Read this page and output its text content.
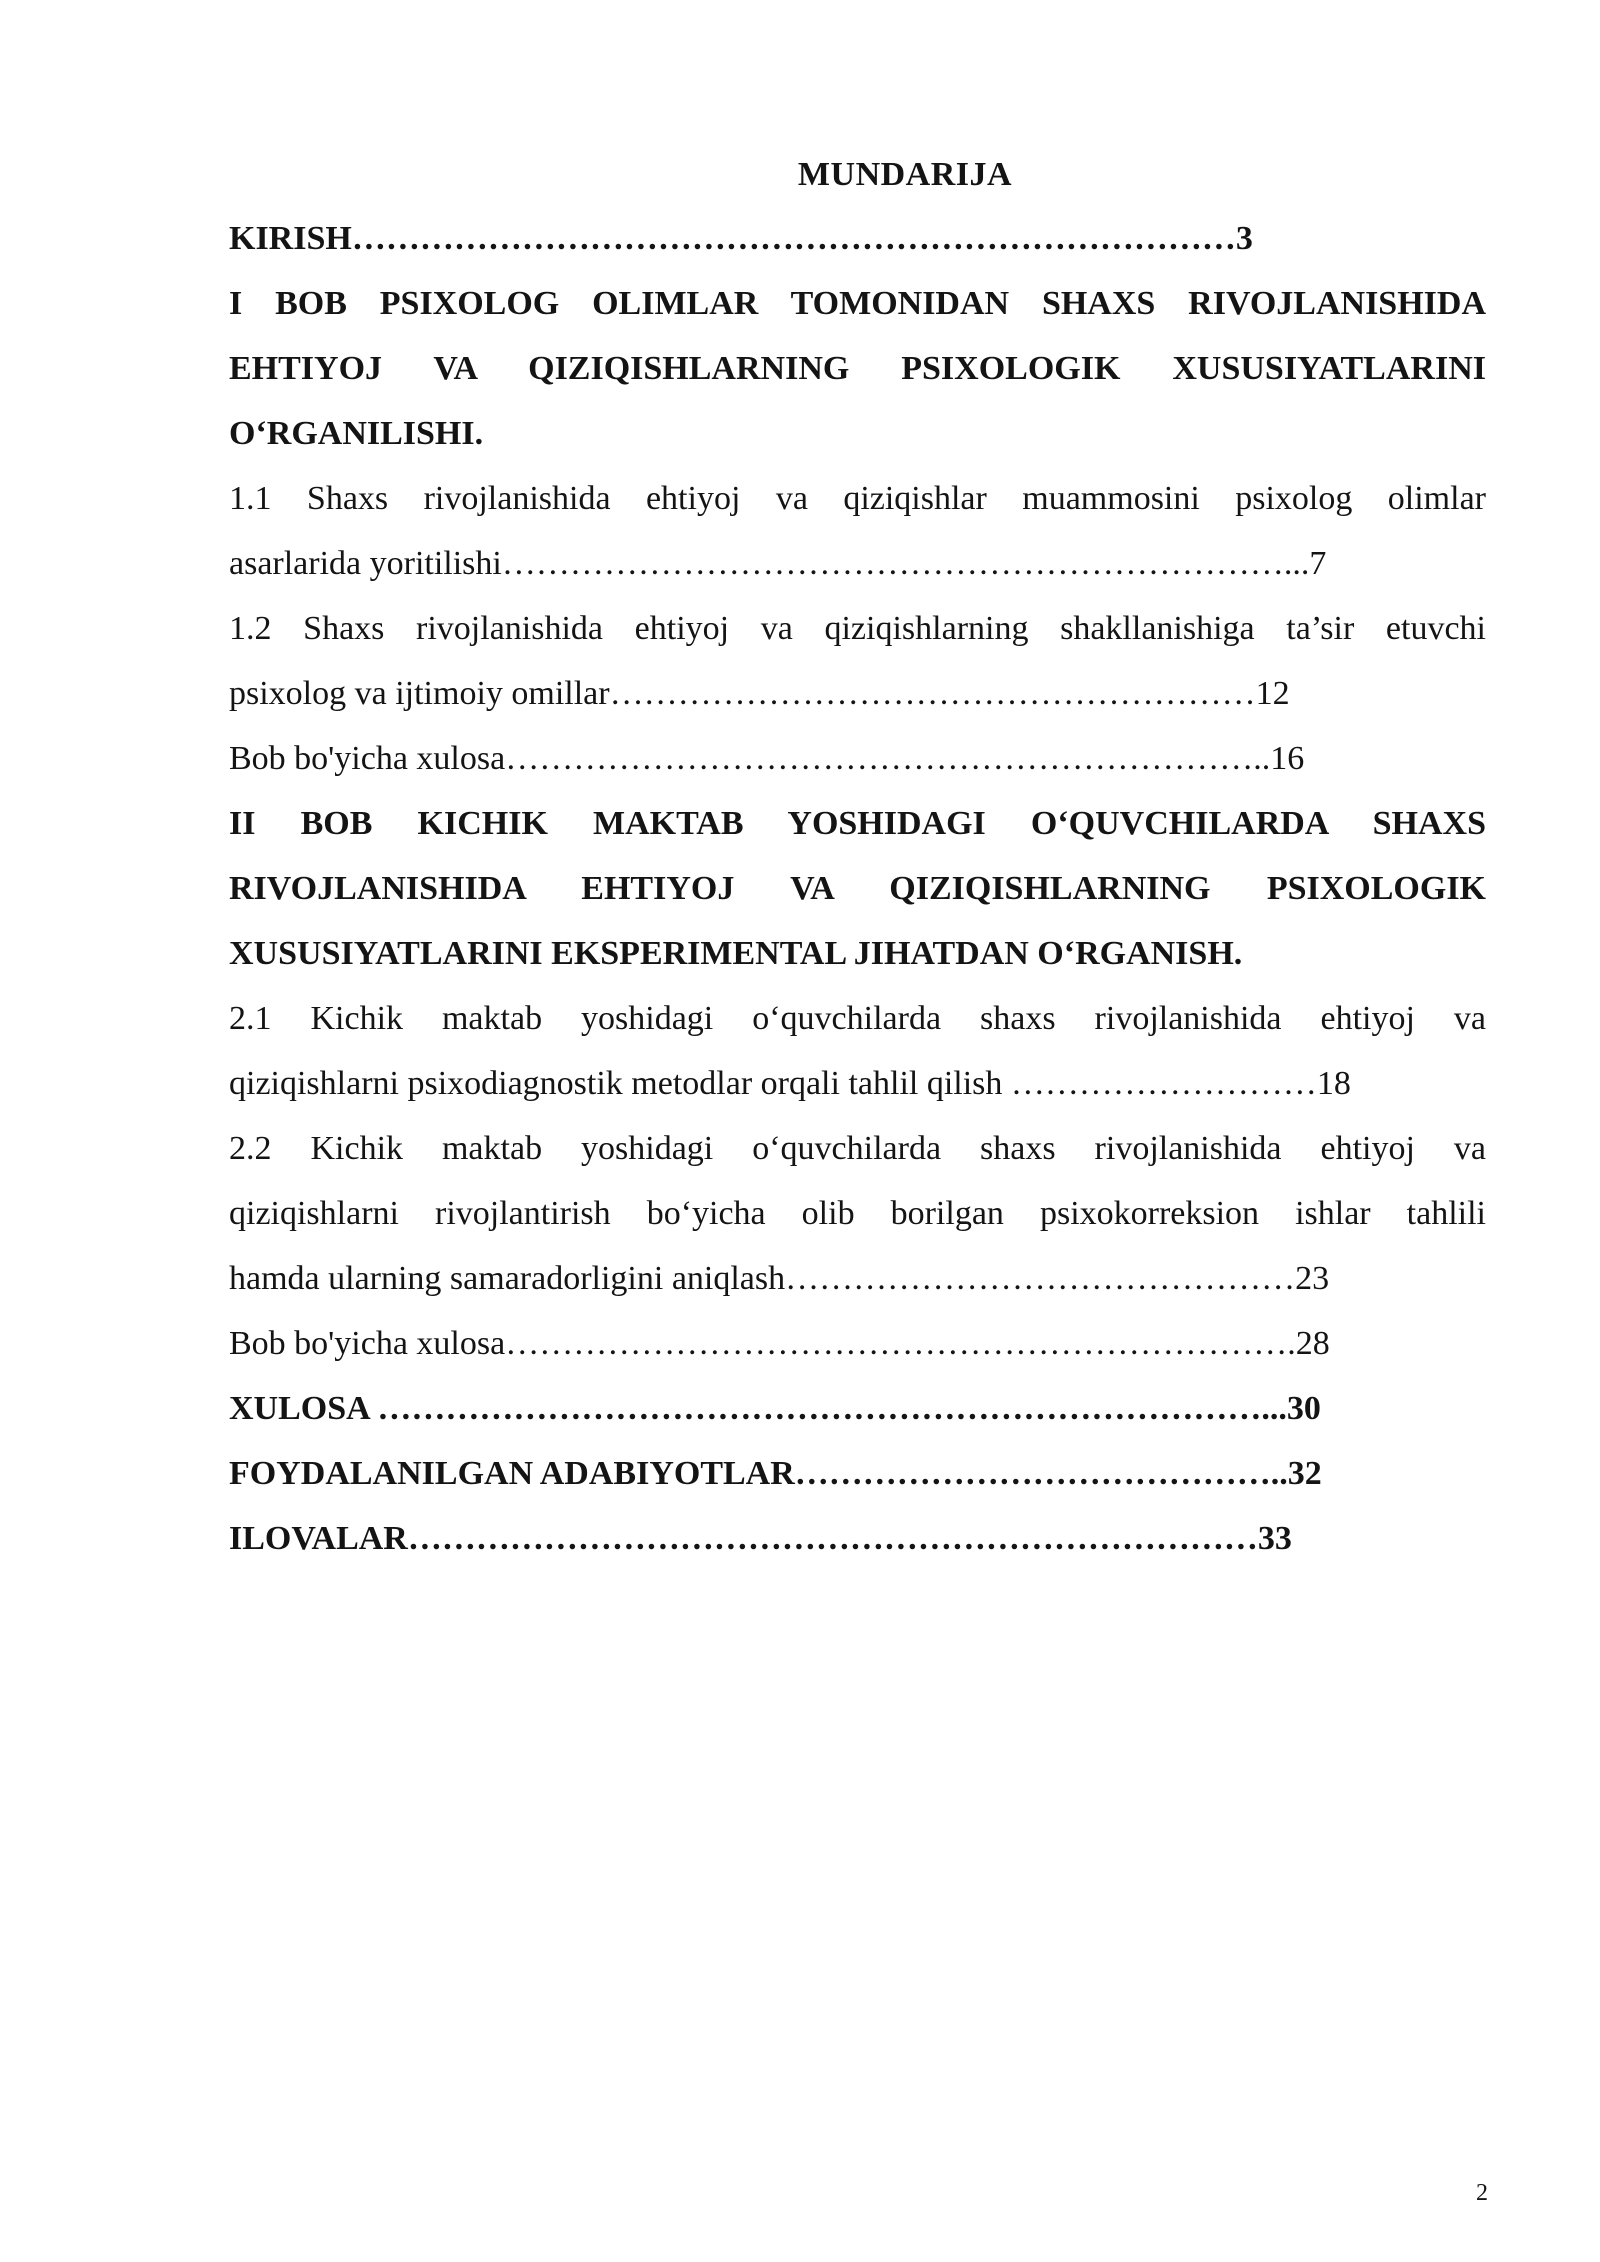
MUNDARIJA
KIRISH……………………………………………………………………3
I BOB PSIXOLOG OLIMLAR TOMONIDAN SHAXS RIVOJLANISHIDA
EHTIYOJ VA QIZIQISHLARNING PSIXOLOGIK XUSUSIYATLARINI
O‘RGANILISHI.
1.1 Shaxs rivojlanishida ehtiyoj va qiziqishlar muammosini psixolog olimlar
asarlarida yoritilishi……………………………………………………………...7
1.2 Shaxs rivojlanishida ehtiyoj va qiziqishlarning shakllanishiga ta’sir etuvchi
psixolog va ijtimoiy omillar…………………………………………………12
Bob bo'yicha xulosa…………………………………………………………..16
II BOB KICHIK MAKTAB YOSHIDAGI O‘QUVCHILARDA SHAXS
RIVOJLANISHIDA EHTIYOJ VA QIZIQISHLARNING PSIXOLOGIK
XUSUSIYATLARINI EKSPERIMENTAL JIHATDAN O‘RGANISH.
2.1 Kichik maktab yoshidagi o‘quvchilarda shaxs rivojlanishida ehtiyoj va
qiziqishlarni psixodiagnostik metodlar orqali tahlil qilish ………………………18
2.2 Kichik maktab yoshidagi o‘quvchilarda shaxs rivojlanishida ehtiyoj va
qiziqishlarni rivojlantirish bo‘yicha olib borilgan psixokorreksion ishlar tahlili
hamda ularning samaradorligini aniqlash………………………………………23
Bob bo'yicha xulosa…………………………………………………………….28
XULOSA ……………………………………………………………………...30
FOYDALANILGAN ADABIYOTLAR……………………………………..32
ILOVALAR…………………………………………………………………33
2
